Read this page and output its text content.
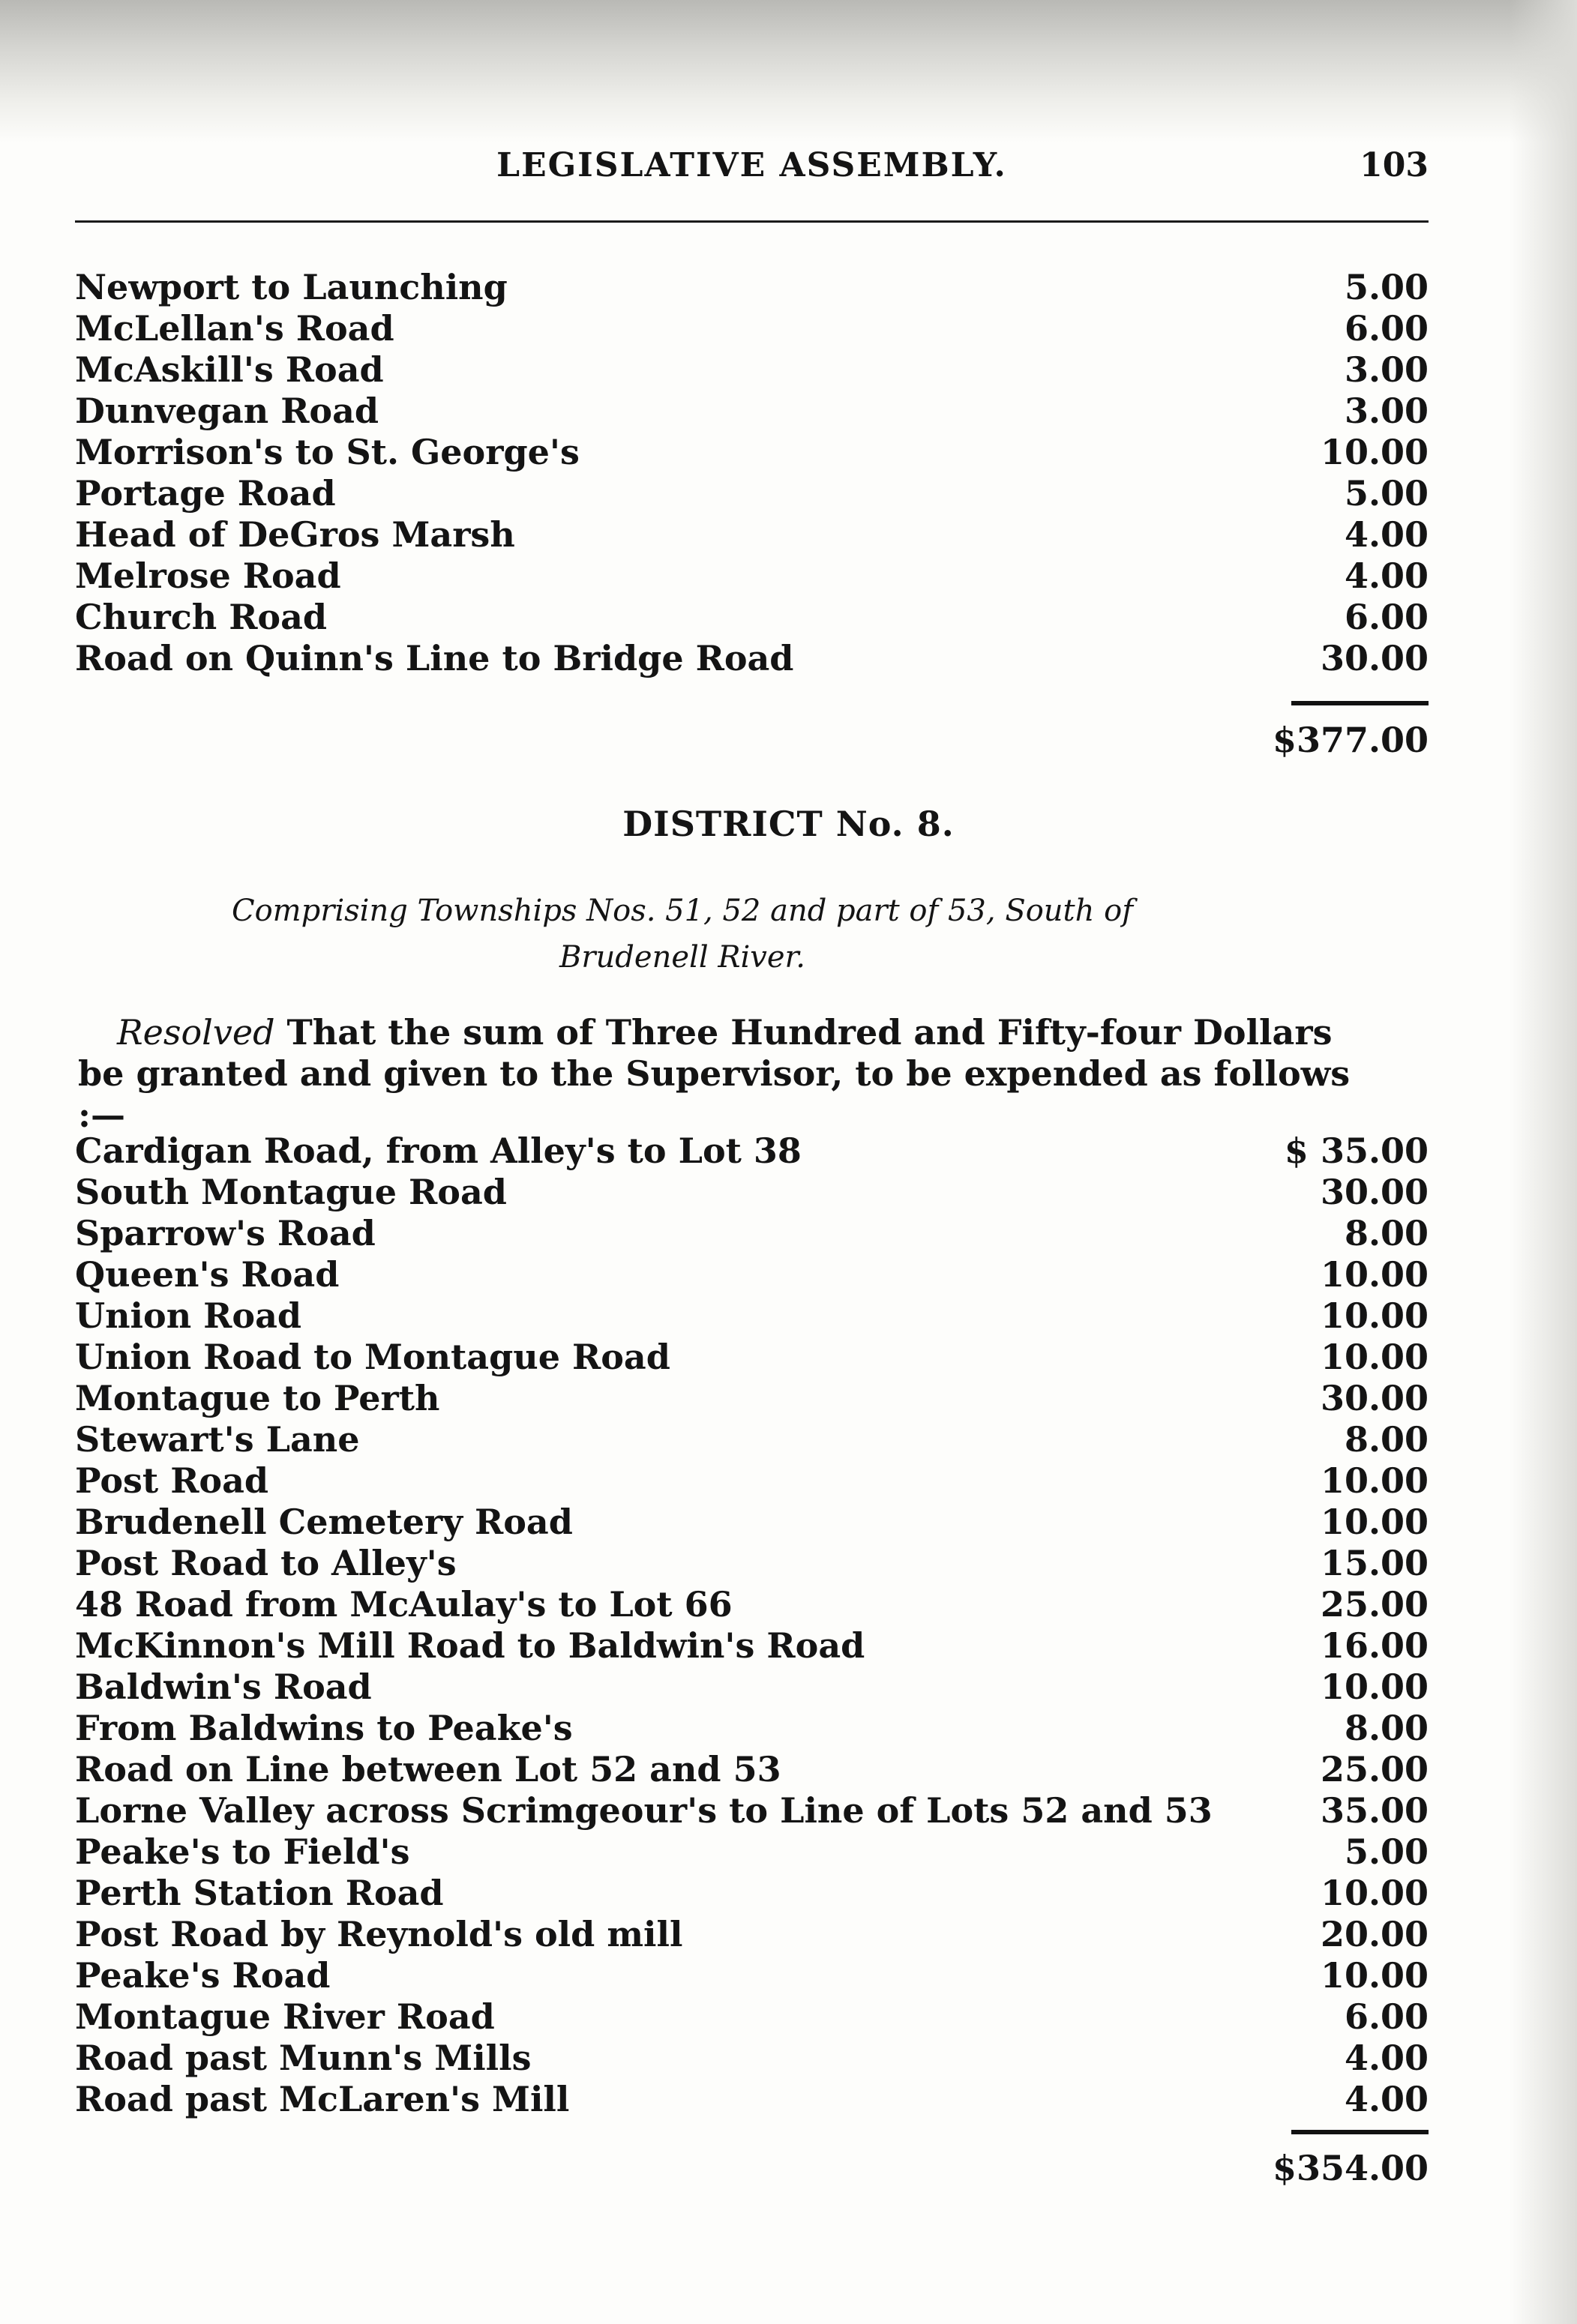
LEGISLATIVE ASSEMBLY.	103
Newport to Launching	5.00
McLellan's Road	6.00
McAskill's Road	3.00
Dunvegan Road	3.00
Morrison's to St. George's	10.00
Portage Road	5.00
Head of DeGros Marsh	4.00
Melrose Road	4.00
Church Road	6.00
Road on Quinn's Line to Bridge Road	30.00
$377.00
DISTRICT No. 8.
Comprising Townships Nos. 51, 52 and part of 53, South of Brudenell River.
Resolved That the sum of Three Hundred and Fifty-four Dollars be granted and given to the Supervisor, to be expended as follows :—
Cardigan Road, from Alley's to Lot 38	$ 35.00
South Montague Road	30.00
Sparrow's Road	8.00
Queen's Road	10.00
Union Road	10.00
Union Road to Montague Road	10.00
Montague to Perth	30.00
Stewart's Lane	8.00
Post Road	10.00
Brudenell Cemetery Road	10.00
Post Road to Alley's	15.00
48 Road from McAulay's to Lot 66	25.00
McKinnon's Mill Road to Baldwin's Road	16.00
Baldwin's Road	10.00
From Baldwins to Peake's	8.00
Road on Line between Lot 52 and 53	25.00
Lorne Valley across Scrimgeour's to Line of Lots 52 and 53	35.00
Peake's to Field's	5.00
Perth Station Road	10.00
Post Road by Reynold's old mill	20.00
Peake's Road	10.00
Montague River Road	6.00
Road past Munn's Mills	4.00
Road past McLaren's Mill	4.00
$354.00
